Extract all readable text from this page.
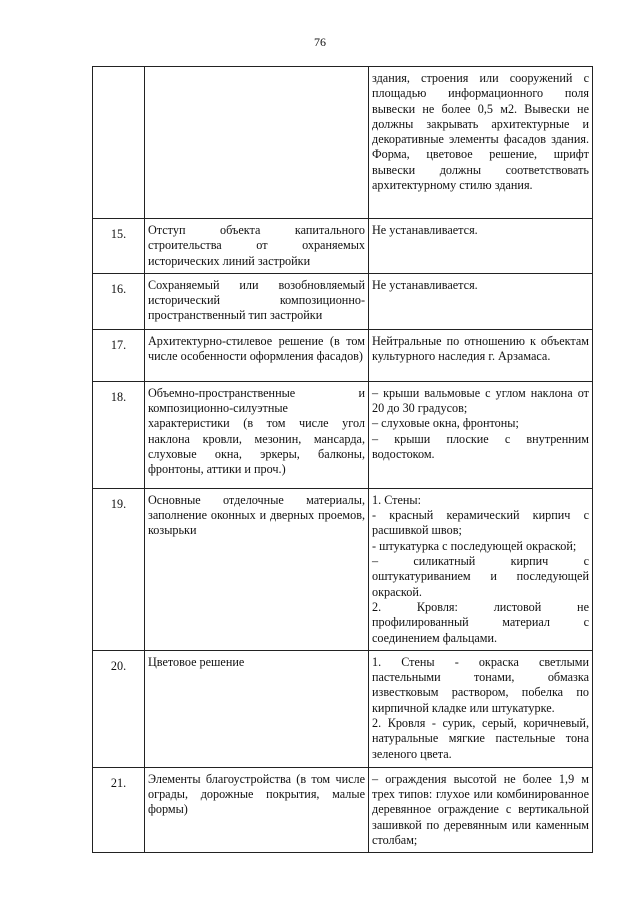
76

		здания, строения или сооружений с площадью информационного поля вывески не более 0,5 м2. Вывески не должны закрывать архитектурные и декоративные элементы фасадов здания. Форма, цветовое решение, шрифт вывески должны соответствовать архитектурному стилю здания.

15.	Отступ объекта капитального строительства от охраняемых исторических линий застройки	Не устанавливается.

16.	Сохраняемый или возобновляемый исторический композиционно-пространственный тип застройки	Не устанавливается.

17.	Архитектурно-стилевое решение (в том числе особенности оформления фасадов)	Нейтральные по отношению к объектам культурного наследия г. Арзамаса.

18.	Объемно-пространственные и композиционно-силуэтные характеристики (в том числе угол наклона кровли, мезонин, мансарда, слуховые окна, эркеры, балконы, фронтоны, аттики и проч.)	– крыши вальмовые с углом наклона от 20 до 30 градусов;
– слуховые окна, фронтоны;
– крыши плоские с внутренним водостоком.

19.	Основные отделочные материалы, заполнение оконных и дверных проемов, козырьки	1. Стены:
- красный керамический кирпич с расшивкой швов;
- штукатурка с последующей окраской;
– силикатный кирпич с оштукатуриванием и последующей окраской.
2. Кровля: листовой не профилированный материал с соединением фальцами.

20.	Цветовое решение	1. Стены - окраска светлыми пастельными тонами, обмазка известковым раствором, побелка по кирпичной кладке или штукатурке.
2. Кровля - сурик, серый, коричневый, натуральные мягкие пастельные тона зеленого цвета.

21.	Элементы благоустройства (в том числе ограды, дорожные покрытия, малые формы)	– ограждения высотой не более 1,9 м трех типов: глухое или комбинированное деревянное ограждение с вертикальной зашивкой по деревянным или каменным столбам;
